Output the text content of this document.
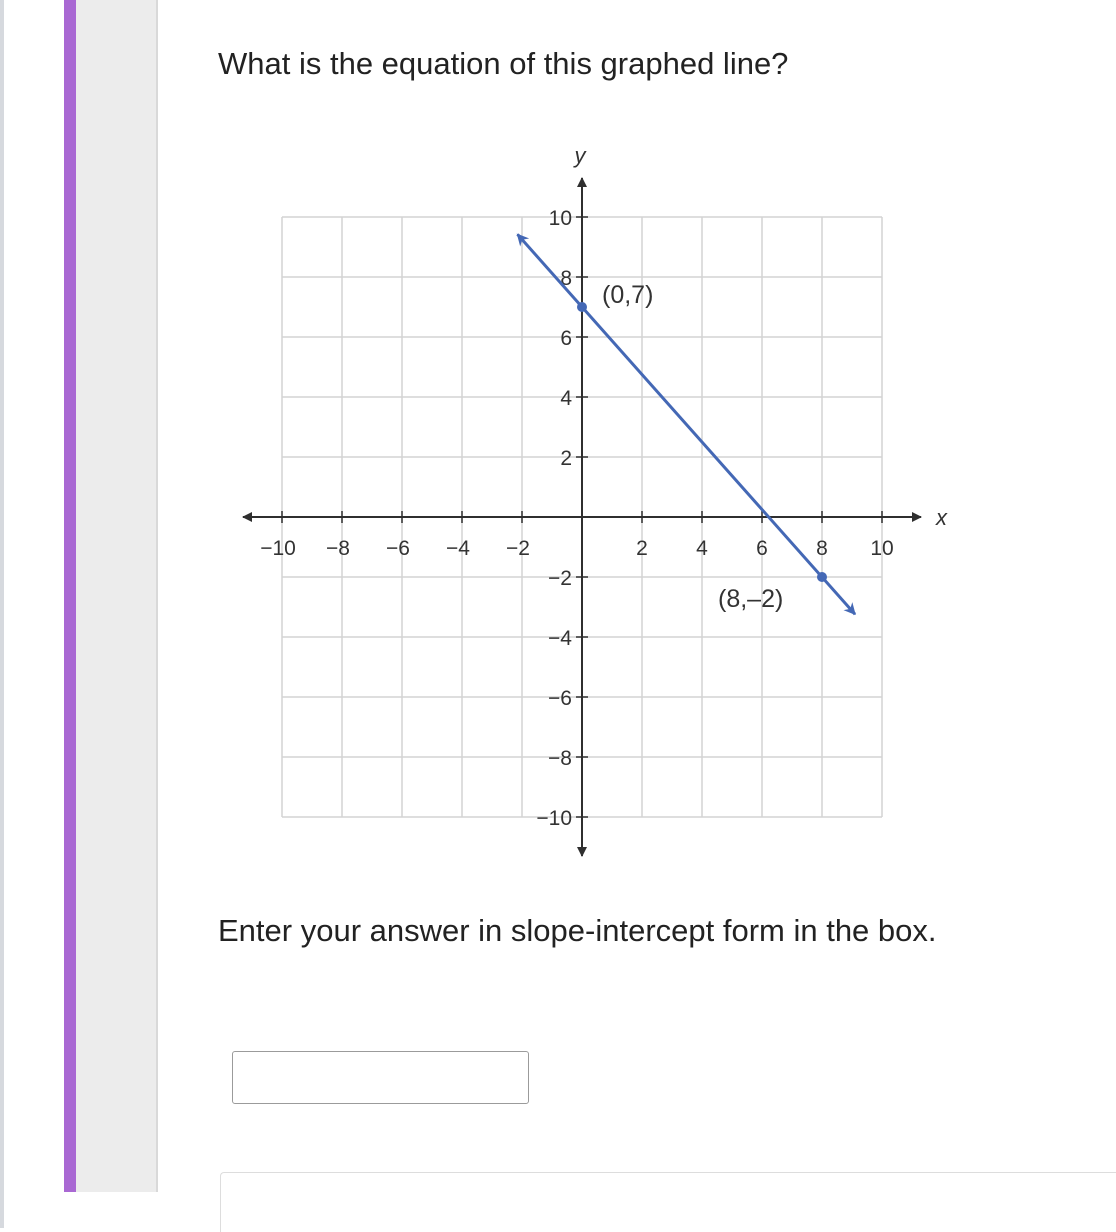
What is the equation of this graphed line?
x
y
−10 −8 −6 −4 −2	2 4 6 8 10
10
8
6
4
2
−2
−4
−6
−8
−10
(0,7)
(8,–2)
Enter your answer in slope-intercept form in the box.
